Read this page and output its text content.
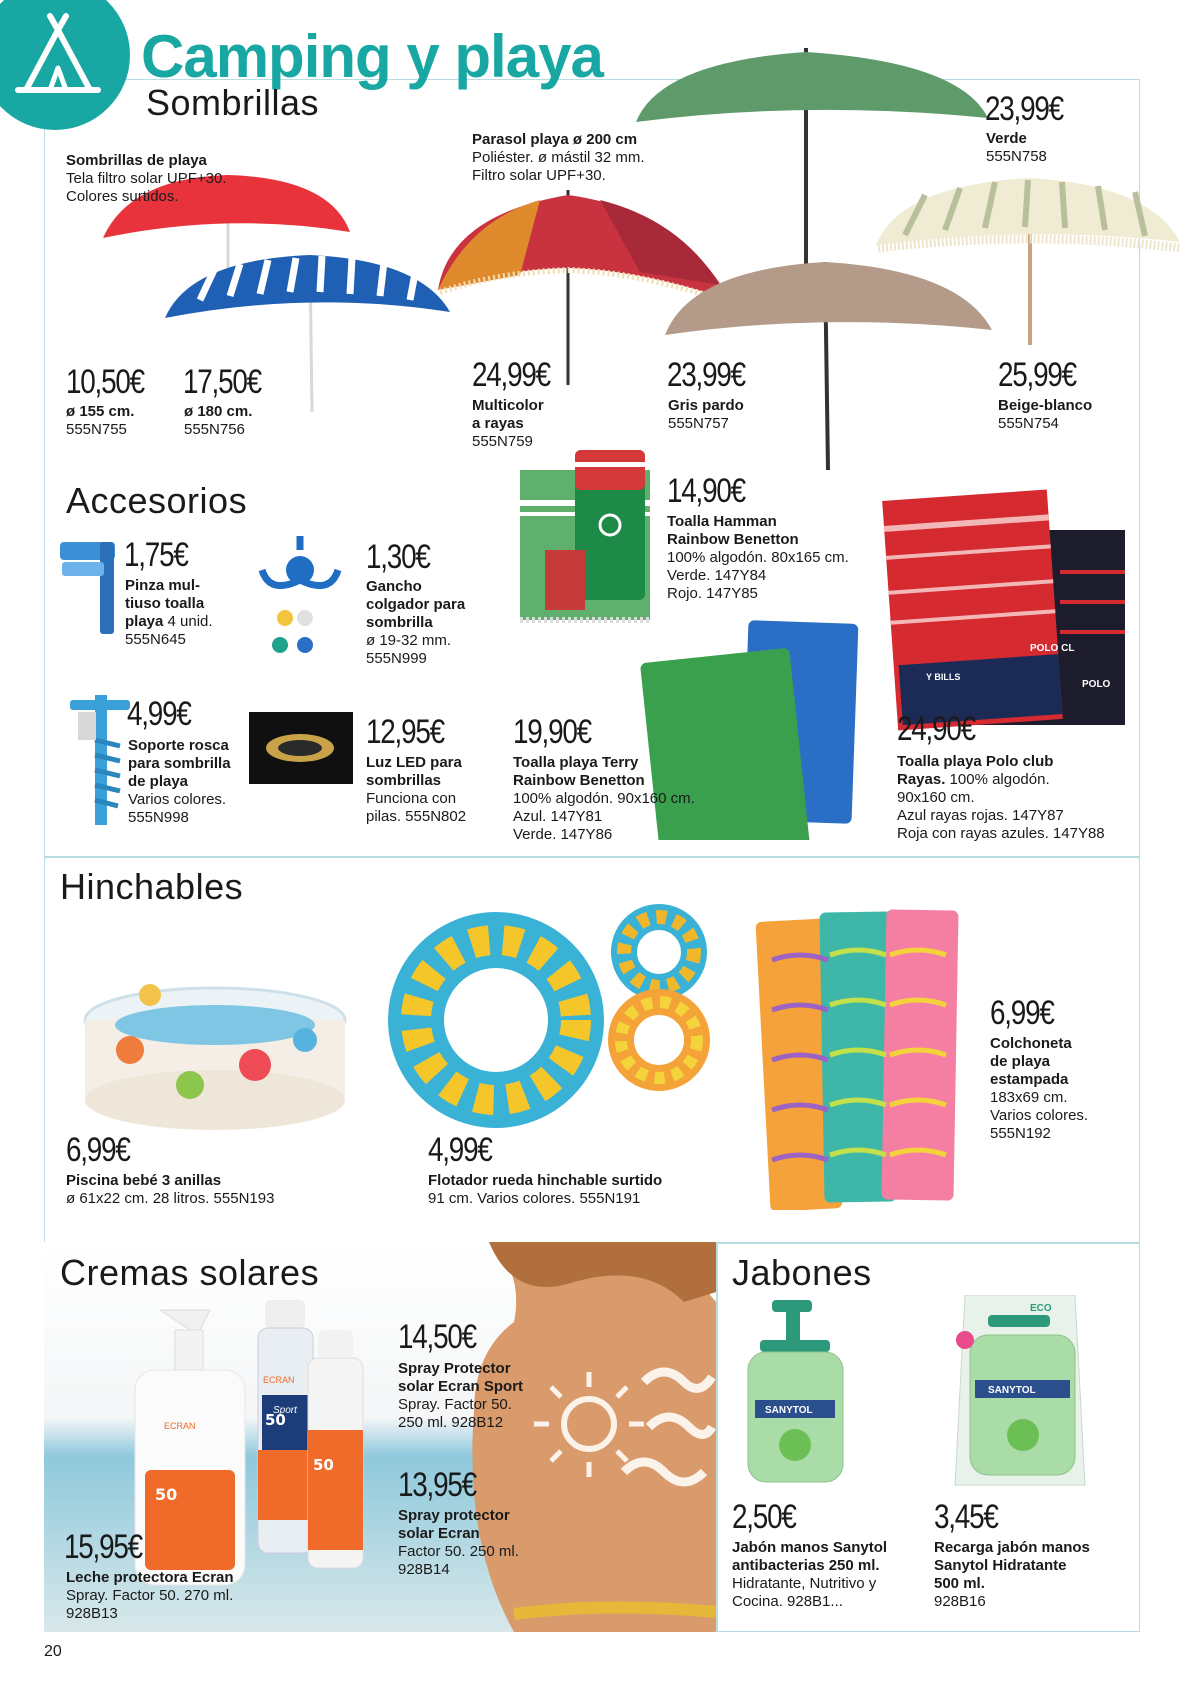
Camping y playa
Sombrillas
Sombrillas de playa
Tela filtro solar UPF+30.
Colores surtidos.
Parasol playa ø 200 cm
Poliéster. ø mástil 32 mm.
Filtro solar UPF+30.
10,50€
ø 155 cm.
555N755
17,50€
ø 180 cm.
555N756
24,99€
Multicolor
a rayas
555N759
23,99€
Gris pardo
555N757
23,99€
Verde
555N758
25,99€
Beige-blanco
555N754
Accesorios
POLO CL
POLO
Y BILLS
1,75€
Pinza mul-
tiuso toalla
playa 4 unid.
555N645
1,30€
Gancho
colgador para
sombrilla
ø 19-32 mm.
555N999
14,90€
Toalla Hamman
Rainbow Benetton
100% algodón. 80x165 cm.
Verde. 147Y84
Rojo. 147Y85
4,99€
Soporte rosca
para sombrilla
de playa
Varios colores.
555N998
12,95€
Luz LED para
sombrillas
Funciona con
pilas. 555N802
19,90€
Toalla playa Terry
Rainbow Benetton
100% algodón. 90x160 cm.
Azul. 147Y81
Verde. 147Y86
24,90€
Toalla playa Polo club
Rayas. 100% algodón.
90x160 cm.
Azul rayas rojas. 147Y87
Roja con rayas azules. 147Y88
Hinchables
6,99€
Piscina bebé 3 anillas
ø 61x22 cm. 28 litros. 555N193
4,99€
Flotador rueda hinchable surtido
91 cm. Varios colores. 555N191
6,99€
Colchoneta
de playa
estampada
183x69 cm.
Varios colores.
555N192
Cremas solares
50
50
50
ECRAN
ECRAN
Sport
ECRAN
14,50€
Spray Protector
solar Ecran Sport
Spray. Factor 50.
250 ml. 928B12
13,95€
Spray protector
solar Ecran
Factor 50. 250 ml.
928B14
15,95€
Leche protectora Ecran
Spray. Factor 50. 270 ml.
928B13
Jabones
SANYTOL
SANYTOL
ECO
2,50€
Jabón manos Sanytol
antibacterias 250 ml.
Hidratante, Nutritivo y
Cocina. 928B1...
3,45€
Recarga jabón manos
Sanytol Hidratante
500 ml.
928B16
20
